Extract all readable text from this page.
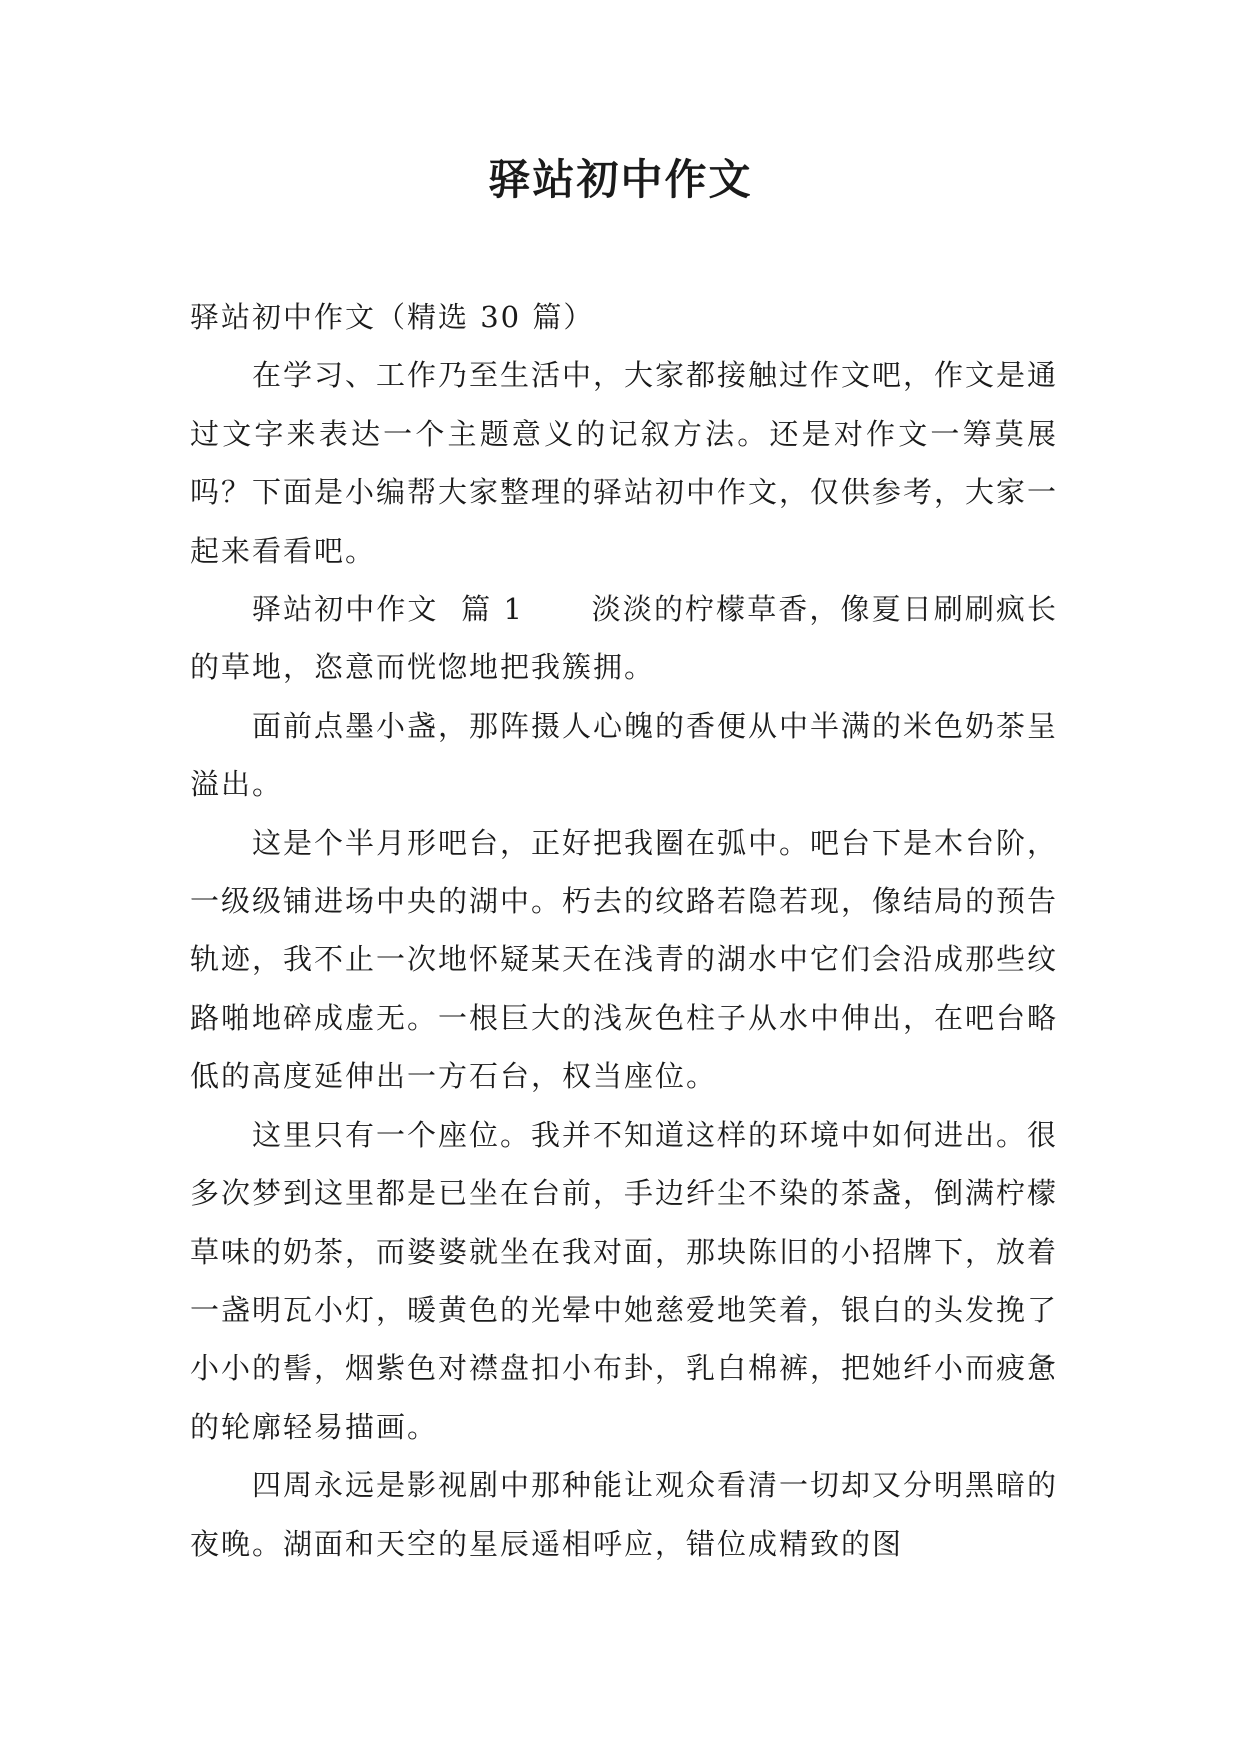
驿站初中作文

驿站初中作文（精选 30 篇）

在学习、工作乃至生活中，大家都接触过作文吧，作文是通过文字来表达一个主题意义的记叙方法。还是对作文一筹莫展吗？下面是小编帮大家整理的驿站初中作文，仅供参考，大家一起来看看吧。

驿站初中作文  篇 1      淡淡的柠檬草香，像夏日刷刷疯长的草地，恣意而恍惚地把我簇拥。

面前点墨小盏，那阵摄人心魄的香便从中半满的米色奶茶呈溢出。

这是个半月形吧台，正好把我圈在弧中。吧台下是木台阶，一级级铺进场中央的湖中。朽去的纹路若隐若现，像结局的预告轨迹，我不止一次地怀疑某天在浅青的湖水中它们会沿成那些纹路啪地碎成虚无。一根巨大的浅灰色柱子从水中伸出，在吧台略低的高度延伸出一方石台，权当座位。

这里只有一个座位。我并不知道这样的环境中如何进出。很多次梦到这里都是已坐在台前，手边纤尘不染的茶盏，倒满柠檬草味的奶茶，而婆婆就坐在我对面，那块陈旧的小招牌下，放着一盏明瓦小灯，暖黄色的光晕中她慈爱地笑着，银白的头发挽了小小的髻，烟紫色对襟盘扣小布卦，乳白棉裤，把她纤小而疲惫的轮廓轻易描画。

四周永远是影视剧中那种能让观众看清一切却又分明黑暗的夜晚。湖面和天空的星辰遥相呼应，错位成精致的图
